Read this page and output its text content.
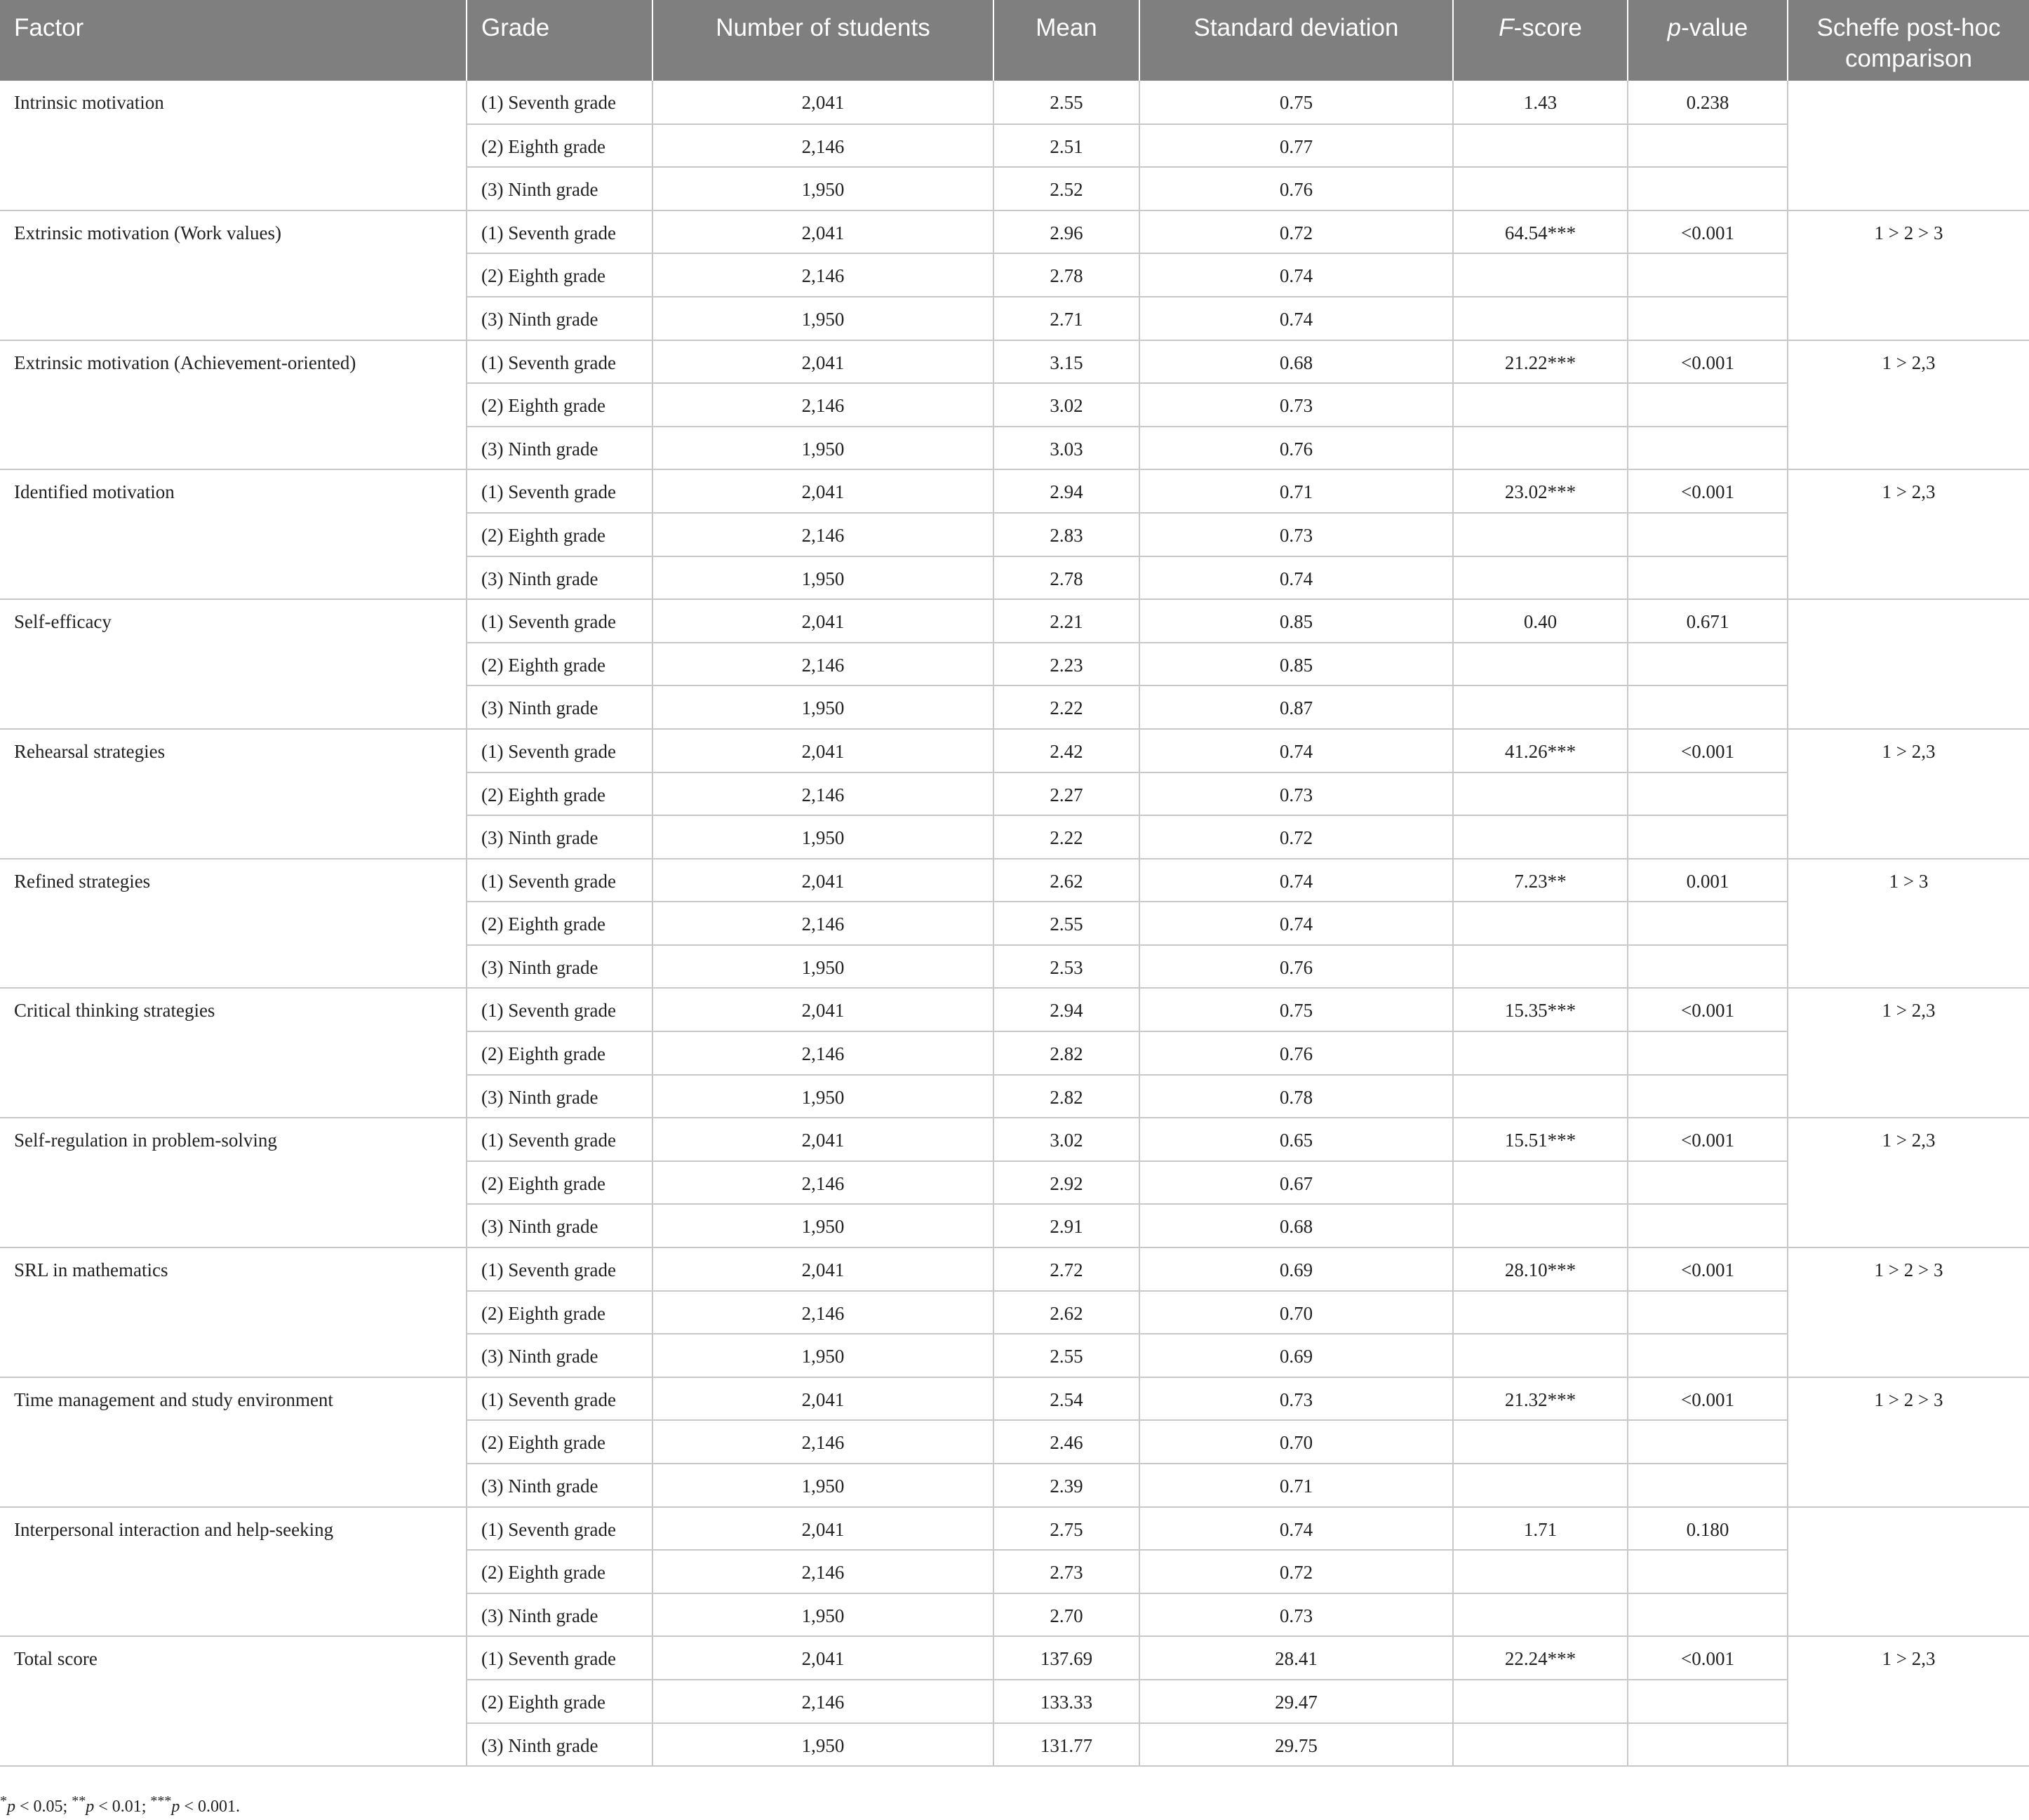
Factor	Grade	Number of students	Mean	Standard deviation	F-score	p-value	Scheffe post-hoc comparison
Intrinsic motivation	(1) Seventh grade	2,041	2.55	0.75	1.43	0.238	
	(2) Eighth grade	2,146	2.51	0.77			
	(3) Ninth grade	1,950	2.52	0.76			
Extrinsic motivation (Work values)	(1) Seventh grade	2,041	2.96	0.72	64.54***	<0.001	1 > 2 > 3
	(2) Eighth grade	2,146	2.78	0.74			
	(3) Ninth grade	1,950	2.71	0.74			
Extrinsic motivation (Achievement-oriented)	(1) Seventh grade	2,041	3.15	0.68	21.22***	<0.001	1 > 2,3
	(2) Eighth grade	2,146	3.02	0.73			
	(3) Ninth grade	1,950	3.03	0.76			
Identified motivation	(1) Seventh grade	2,041	2.94	0.71	23.02***	<0.001	1 > 2,3
	(2) Eighth grade	2,146	2.83	0.73			
	(3) Ninth grade	1,950	2.78	0.74			
Self-efficacy	(1) Seventh grade	2,041	2.21	0.85	0.40	0.671	
	(2) Eighth grade	2,146	2.23	0.85			
	(3) Ninth grade	1,950	2.22	0.87			
Rehearsal strategies	(1) Seventh grade	2,041	2.42	0.74	41.26***	<0.001	1 > 2,3
	(2) Eighth grade	2,146	2.27	0.73			
	(3) Ninth grade	1,950	2.22	0.72			
Refined strategies	(1) Seventh grade	2,041	2.62	0.74	7.23**	0.001	1 > 3
	(2) Eighth grade	2,146	2.55	0.74			
	(3) Ninth grade	1,950	2.53	0.76			
Critical thinking strategies	(1) Seventh grade	2,041	2.94	0.75	15.35***	<0.001	1 > 2,3
	(2) Eighth grade	2,146	2.82	0.76			
	(3) Ninth grade	1,950	2.82	0.78			
Self-regulation in problem-solving	(1) Seventh grade	2,041	3.02	0.65	15.51***	<0.001	1 > 2,3
	(2) Eighth grade	2,146	2.92	0.67			
	(3) Ninth grade	1,950	2.91	0.68			
SRL in mathematics	(1) Seventh grade	2,041	2.72	0.69	28.10***	<0.001	1 > 2 > 3
	(2) Eighth grade	2,146	2.62	0.70			
	(3) Ninth grade	1,950	2.55	0.69			
Time management and study environment	(1) Seventh grade	2,041	2.54	0.73	21.32***	<0.001	1 > 2 > 3
	(2) Eighth grade	2,146	2.46	0.70			
	(3) Ninth grade	1,950	2.39	0.71			
Interpersonal interaction and help-seeking	(1) Seventh grade	2,041	2.75	0.74	1.71	0.180	
	(2) Eighth grade	2,146	2.73	0.72			
	(3) Ninth grade	1,950	2.70	0.73			
Total score	(1) Seventh grade	2,041	137.69	28.41	22.24***	<0.001	1 > 2,3
	(2) Eighth grade	2,146	133.33	29.47			
	(3) Ninth grade	1,950	131.77	29.75			
*p < 0.05; **p < 0.01; ***p < 0.001.
